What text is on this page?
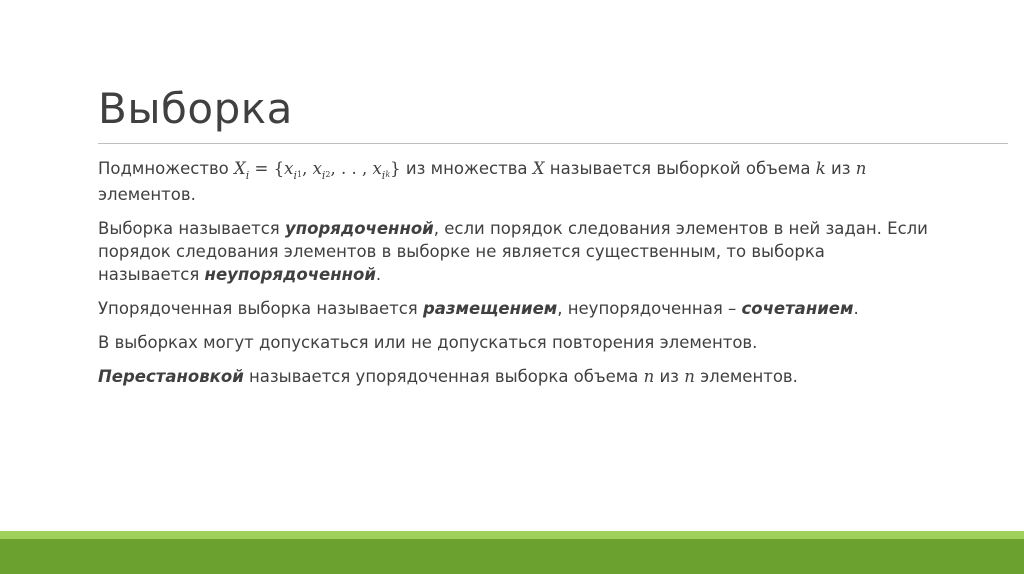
Выборка

Подмножество $X_i = \{x_i1$, $x_i2$, . . , $x_ik$} из множества X называется выборкой объема k из n
элементов.

Выборка называется упорядоченной, если порядок следования элементов в ней задан. Если порядок следования элементов в выборке не является существенным, то выборка называется неупорядоченной.

Упорядоченная выборка называется размещением, неупорядоченная – сочетанием.

В выборках могут допускаться или не допускаться повторения элементов.

Перестановкой называется упорядоченная выборка объема n из n элементов.
